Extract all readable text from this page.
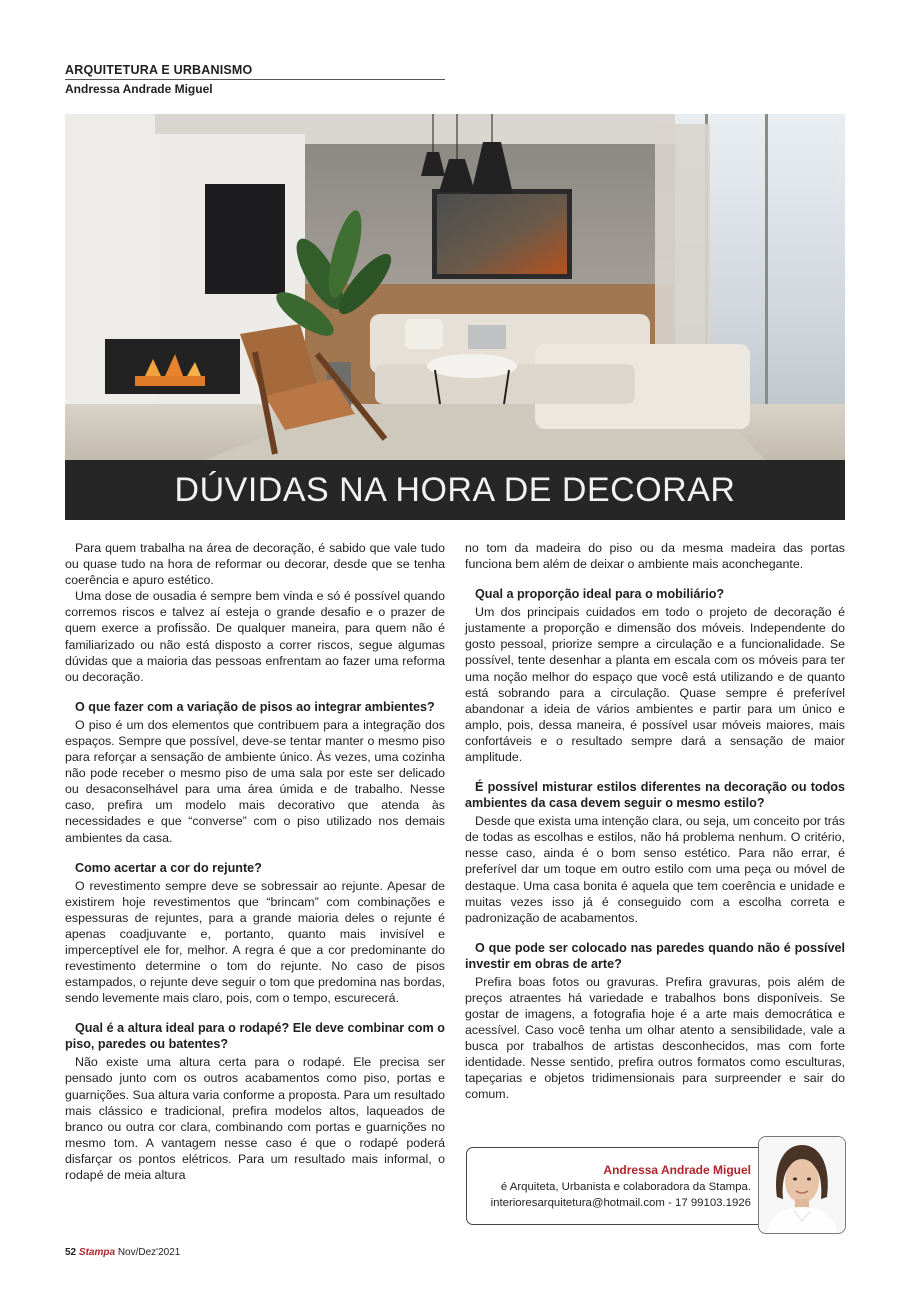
ARQUITETURA E URBANISMO
Andressa Andrade Miguel
Imagem ilustrativa
DÚVIDAS NA HORA DE DECORAR

Para quem trabalha na área de decoração, é sabido que vale tudo ou quase tudo na hora de reformar ou decorar, desde que se tenha coerência e apuro estético.

Uma dose de ousadia é sempre bem vinda e só é possível quando corremos riscos e talvez aí esteja o grande desafio e o prazer de quem exerce a profissão. De qualquer maneira, para quem não é familiarizado ou não está disposto a correr riscos, segue algumas dúvidas que a maioria das pessoas enfrentam ao fazer uma reforma ou decoração.

O que fazer com a variação de pisos ao integrar ambientes?

O piso é um dos elementos que contribuem para a integração dos espaços. Sempre que possível, deve-se tentar manter o mesmo piso para reforçar a sensação de ambiente único. Às vezes, uma cozinha não pode receber o mesmo piso de uma sala por este ser delicado ou desaconselhável para uma área úmida e de trabalho. Nesse caso, prefira um modelo mais decorativo que atenda às necessidades e que “converse” com o piso utilizado nos demais ambientes da casa.

Como acertar a cor do rejunte?

O revestimento sempre deve se sobressair ao rejunte. Apesar de existirem hoje revestimentos que “brincam” com combinações e espessuras de rejuntes, para a grande maioria deles o rejunte é apenas coadjuvante e, portanto, quanto mais invisível e imperceptível ele for, melhor. A regra é que a cor predominante do revestimento determine o tom do rejunte. No caso de pisos estampados, o rejunte deve seguir o tom que predomina nas bordas, sendo levemente mais claro, pois, com o tempo, escurecerá.

Qual é a altura ideal para o rodapé? Ele deve combinar com o piso, paredes ou batentes?

Não existe uma altura certa para o rodapé. Ele precisa ser pensado junto com os outros acabamentos como piso, portas e guarnições. Sua altura varia conforme a proposta. Para um resultado mais clássico e tradicional, prefira modelos altos, laqueados de branco ou outra cor clara, combinando com portas e guarnições no mesmo tom. A vantagem nesse caso é que o rodapé poderá disfarçar os pontos elétricos. Para um resultado mais informal, o rodapé de meia altura

no tom da madeira do piso ou da mesma madeira das portas funciona bem além de deixar o ambiente mais aconchegante.

Qual a proporção ideal para o mobiliário?

Um dos principais cuidados em todo o projeto de decoração é justamente a proporção e dimensão dos móveis. Independente do gosto pessoal, priorize sempre a circulação e a funcionalidade. Se possível, tente desenhar a planta em escala com os móveis para ter uma noção melhor do espaço que você está utilizando e de quanto está sobrando para a circulação. Quase sempre é preferível abandonar a ideia de vários ambientes e partir para um único e amplo, pois, dessa maneira, é possível usar móveis maiores, mais confortáveis e o resultado sempre dará a sensação de maior amplitude.

É possível misturar estilos diferentes na decoração ou todos ambientes da casa devem seguir o mesmo estilo?

Desde que exista uma intenção clara, ou seja, um conceito por trás de todas as escolhas e estilos, não há problema nenhum. O critério, nesse caso, ainda é o bom senso estético. Para não errar, é preferível dar um toque em outro estilo com uma peça ou móvel de destaque. Uma casa bonita é aquela que tem coerência e unidade e muitas vezes isso já é conseguido com a escolha correta e padronização de acabamentos.

O que pode ser colocado nas paredes quando não é possível investir em obras de arte?

Prefira boas fotos ou gravuras. Prefira gravuras, pois além de preços atraentes há variedade e trabalhos bons disponíveis. Se gostar de imagens, a fotografia hoje é a arte mais democrática e acessível. Caso você tenha um olhar atento a sensibilidade, vale a busca por trabalhos de artistas desconhecidos, mas com forte identidade. Nesse sentido, prefira outros formatos como esculturas, tapeçarias e objetos tridimensionais para surpreender e sair do comum.

Andressa Andrade Miguel
é Arquiteta, Urbanista e colaboradora da Stampa.
interioresarquitetura@hotmail.com - 17 99103.1926
52 Stampa Nov/Dez'2021
